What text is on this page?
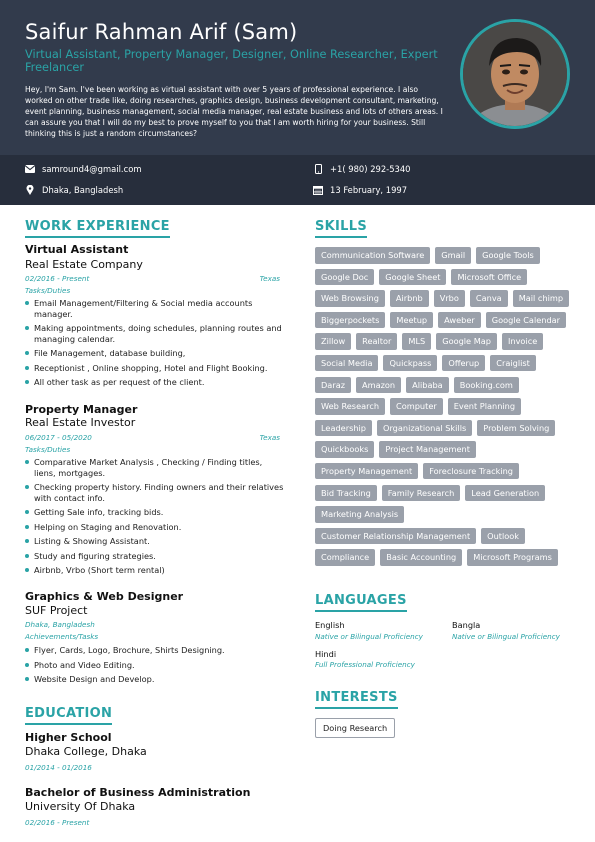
Saifur Rahman Arif (Sam)
Virtual Assistant, Property Manager, Designer, Online Researcher, Expert Freelancer
Hey, I'm Sam. I've been working as virtual assistant with over 5 years of professional experience. I also worked on other trade like, doing researches, graphics design, business development consultant, marketing, event planning, business management, social media manager, real estate business and lots of others areas. I can assure you that I will do my best to prove myself to you that I am worth hiring for your business. Still thinking this is just a random circumstances?
samround4@gmail.com	+1( 980) 292-5340
Dhaka, Bangladesh	13 February, 1997
WORK EXPERIENCE
Virtual Assistant
Real Estate Company
02/2016 - Present	Texas
Tasks/Duties
Email Management/Filtering & Social media accounts manager.
Making appointments, doing schedules, planning routes and managing calendar.
File Management, database building,
Receptionist , Online shopping, Hotel and Flight Booking.
All other task as per request of the client.
Property Manager
Real Estate Investor
06/2017 - 05/2020	Texas
Tasks/Duties
Comparative Market Analysis , Checking / Finding titles, liens, mortgages.
Checking property history. Finding owners and their relatives with contact info.
Getting Sale info, tracking bids.
Helping on Staging and Renovation.
Listing & Showing Assistant.
Study and figuring strategies.
Airbnb, Vrbo (Short term rental)
Graphics & Web Designer
SUF Project
Dhaka, Bangladesh
Achievements/Tasks
Flyer, Cards, Logo, Brochure, Shirts Designing.
Photo and Video Editing.
Website Design and Develop.
EDUCATION
Higher School
Dhaka College, Dhaka
01/2014 - 01/2016
Bachelor of Business Administration
University Of Dhaka
02/2016 - Present
SKILLS
Communication Software	Gmail	Google Tools
Google Doc	Google Sheet	Microsoft Office
Web Browsing	Airbnb	Vrbo	Canva	Mail chimp
Biggerpockets	Meetup	Aweber	Google Calendar
Zillow	Realtor	MLS	Google Map	Invoice
Social Media	Quickpass	Offerup	Craiglist
Daraz	Amazon	Alibaba	Booking.com
Web Research	Computer	Event Planning
Leadership	Organizational Skills	Problem Solving
Quickbooks	Project Management
Property Management	Foreclosure Tracking
Bid Tracking	Family Research	Lead Generation
Marketing Analysis
Customer Relationship Management	Outlook
Compliance	Basic Accounting	Microsoft Programs
LANGUAGES
English
Native or Bilingual Proficiency
Bangla
Native or Bilingual Proficiency
Hindi
Full Professional Proficiency
INTERESTS
Doing Research
